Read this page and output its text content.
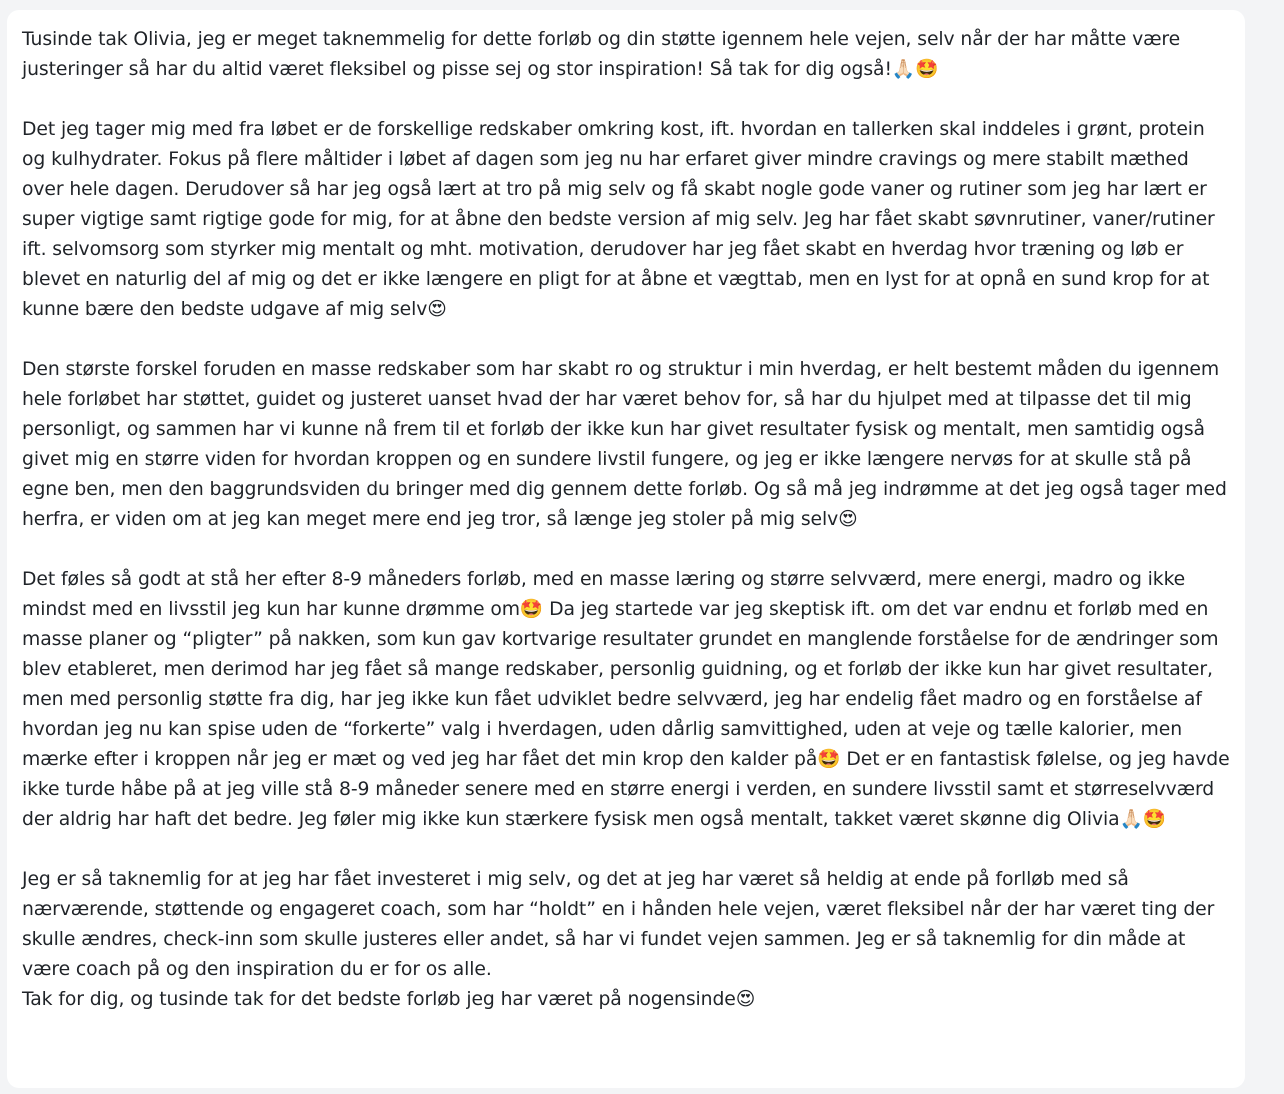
Tusinde tak Olivia, jeg er meget taknemmelig for dette forløb og din støtte igennem hele vejen, selv når der har måtte være justeringer så har du altid været fleksibel og pisse sej og stor inspiration! Så tak for dig også!🙏🏻🤩

Det jeg tager mig med fra løbet er de forskellige redskaber omkring kost, ift. hvordan en tallerken skal inddeles i grønt, protein og kulhydrater. Fokus på flere måltider i løbet af dagen som jeg nu har erfaret giver mindre cravings og mere stabilt mæthed over hele dagen. Derudover så har jeg også lært at tro på mig selv og få skabt nogle gode vaner og rutiner som jeg har lært er super vigtige samt rigtige gode for mig, for at åbne den bedste version af mig selv. Jeg har fået skabt søvnrutiner, vaner/rutiner ift. selvomsorg som styrker mig mentalt og mht. motivation, derudover har jeg fået skabt en hverdag hvor træning og løb er blevet en naturlig del af mig og det er ikke længere en pligt for at åbne et vægttab, men en lyst for at opnå en sund krop for at kunne bære den bedste udgave af mig selv😍

Den største forskel foruden en masse redskaber som har skabt ro og struktur i min hverdag, er helt bestemt måden du igennem hele forløbet har støttet, guidet og justeret uanset hvad der har været behov for, så har du hjulpet med at tilpasse det til mig personligt, og sammen har vi kunne nå frem til et forløb der ikke kun har givet resultater fysisk og mentalt, men samtidig også givet mig en større viden for hvordan kroppen og en sundere livstil fungere, og jeg er ikke længere nervøs for at skulle stå på egne ben, men den baggrundsviden du bringer med dig gennem dette forløb. Og så må jeg indrømme at det jeg også tager med herfra, er viden om at jeg kan meget mere end jeg tror, så længe jeg stoler på mig selv😍

Det føles så godt at stå her efter 8-9 måneders forløb, med en masse læring og større selvværd, mere energi, madro og ikke mindst med en livsstil jeg kun har kunne drømme om🤩 Da jeg startede var jeg skeptisk ift. om det var endnu et forløb med en masse planer og “pligter” på nakken, som kun gav kortvarige resultater grundet en manglende forståelse for de ændringer som blev etableret, men derimod har jeg fået så mange redskaber, personlig guidning, og et forløb der ikke kun har givet resultater, men med personlig støtte fra dig, har jeg ikke kun fået udviklet bedre selvværd, jeg har endelig fået madro og en forståelse af hvordan jeg nu kan spise uden de “forkerte” valg i hverdagen, uden dårlig samvittighed, uden at veje og tælle kalorier, men mærke efter i kroppen når jeg er mæt og ved jeg har fået det min krop den kalder på🤩 Det er en fantastisk følelse, og jeg havde ikke turde håbe på at jeg ville stå 8-9 måneder senere med en større energi i verden, en sundere livsstil samt et størreselvværd der aldrig har haft det bedre. Jeg føler mig ikke kun stærkere fysisk men også mentalt, takket været skønne dig Olivia🙏🏻🤩

Jeg er så taknemlig for at jeg har fået investeret i mig selv, og det at jeg har været så heldig at ende på forlløb med så nærværende, støttende og engageret coach, som har “holdt” en i hånden hele vejen, været fleksibel når der har været ting der skulle ændres, check-inn som skulle justeres eller andet, så har vi fundet vejen sammen. Jeg er så taknemlig for din måde at være coach på og den inspiration du er for os alle.
Tak for dig, og tusinde tak for det bedste forløb jeg har været på nogensinde😍
